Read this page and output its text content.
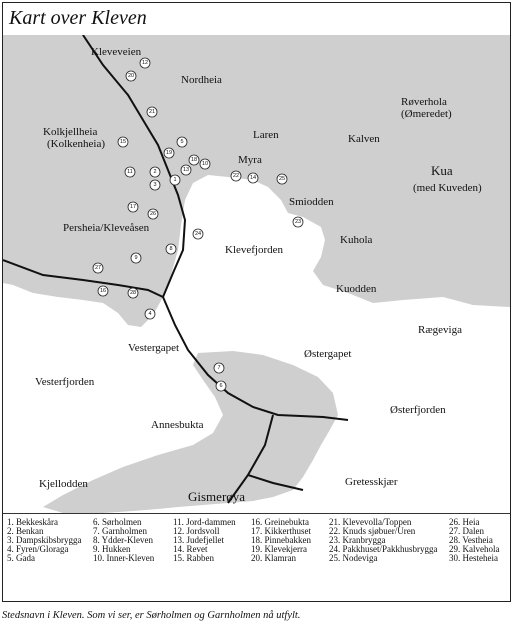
Kart over Kleven
Kleveveien
Nordheia
Kolkjellheia
(Kolkenheia)
Røverhola
(Ømeredet)
Laren	Kalven
Myra
Kua
(med Kuveden)
Smiodden
Kuhola
Persheia/Kleveåsen
Klevefjorden
Kuodden
Rægeviga
Vestergapet	Østergapet
Vesterfjorden
Annesbukta
Østerfjorden
Gretesskjær
Kjellodden
Gismerøya
12
20
21
15	5
19
18
13
10
11
1
2
3
22 14	25
23
17
26
24
8
27
9
16	28
4
7
6
1. Bekkeskåra
2. Benkan
3. Dampskibsbrygga
4. Fyren/Gloraga
5. Gada
6. Sørholmen
7. Garnholmen
8. Ydder-Kleven
9. Hukken
10. Inner-Kleven
11. Jord-dammen
12. Jordsvoll
13. Judefjellet
14. Revet
15. Rabben
16. Greinebukta
17. Kikkerthuset
18. Pinnebakken
19. Klevekjerra
20. Klamran
21. Klevevolla/Toppen
22. Knuds sjøbuer/Uren
23. Kranbrygga
24. Pakkhuset/Pakkhusbrygga
25. Nodeviga
26. Heia
27. Dalen
28. Vestheia
29. Kalveholа
30. Hesteheia
Stedsnavn i Kleven. Som vi ser, er Sørholmen og Garnholmen nå utfylt.
